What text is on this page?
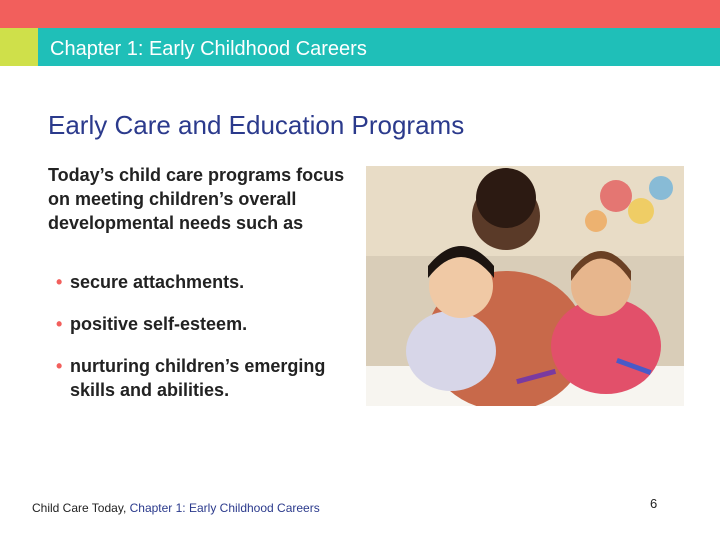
Chapter 1: Early Childhood Careers
Early Care and Education Programs
Today’s child care programs focus on meeting children’s overall developmental needs such as
• secure attachments.
• positive self-esteem.
• nurturing children’s emerging skills and abilities.
Child Care Today, Chapter 1: Early Childhood Careers	6
